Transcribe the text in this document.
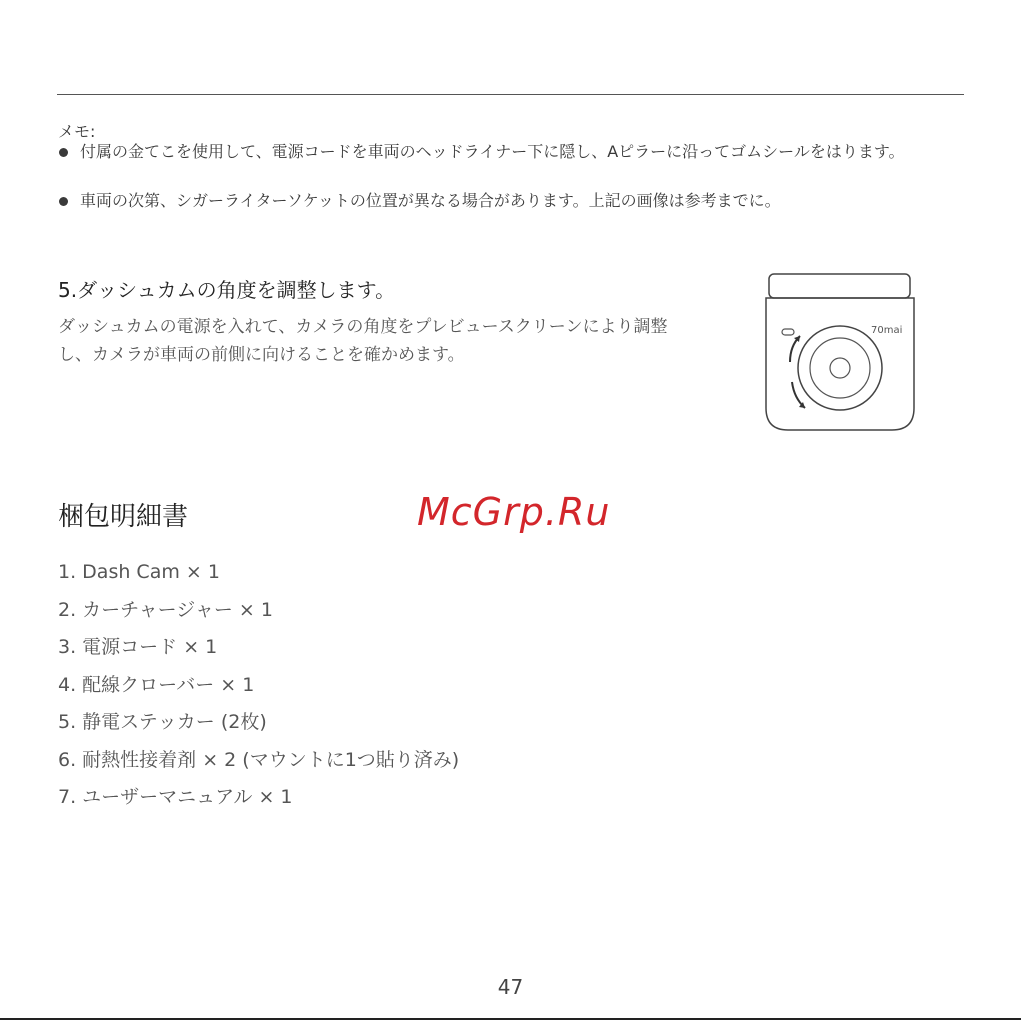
メモ:
付属の金てこを使用して、電源コードを車両のヘッドライナー下に隠し、Aピラーに沿ってゴムシールをはります。
車両の次第、シガーライターソケットの位置が異なる場合があります。上記の画像は参考までに。
5.ダッシュカムの角度を調整します。
ダッシュカムの電源を入れて、カメラの角度をプレビュースクリーンにより調整し、カメラが車両の前側に向けることを確かめます。
70mai
梱包明細書	McGrp.Ru
1. Dash Cam × 1
2. カーチャージャー × 1
3. 電源コード × 1
4. 配線クローバー × 1
5. 静電ステッカー (2枚)
6. 耐熱性接着剤 × 2 (マウントに1つ貼り済み)
7. ユーザーマニュアル × 1
47
